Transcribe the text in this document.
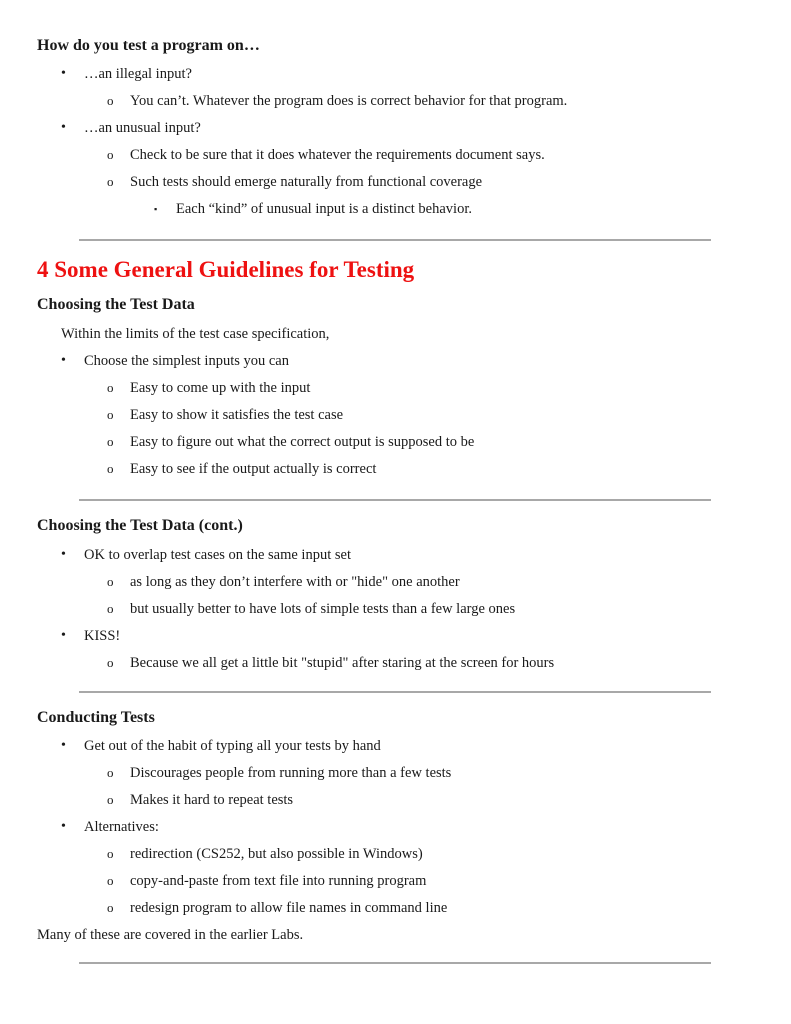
How do you test a program on…
• …an illegal input?
o You can’t. Whatever the program does is correct behavior for that program.
• …an unusual input?
o Check to be sure that it does whatever the requirements document says.
o Such tests should emerge naturally from functional coverage
▪ Each “kind” of unusual input is a distinct behavior.
4 Some General Guidelines for Testing
Choosing the Test Data
Within the limits of the test case specification,
• Choose the simplest inputs you can
o Easy to come up with the input
o Easy to show it satisfies the test case
o Easy to figure out what the correct output is supposed to be
o Easy to see if the output actually is correct
Choosing the Test Data (cont.)
• OK to overlap test cases on the same input set
o as long as they don’t interfere with or "hide" one another
o but usually better to have lots of simple tests than a few large ones
• KISS!
o Because we all get a little bit "stupid" after staring at the screen for hours
Conducting Tests
• Get out of the habit of typing all your tests by hand
o Discourages people from running more than a few tests
o Makes it hard to repeat tests
• Alternatives:
o redirection (CS252, but also possible in Windows)
o copy-and-paste from text file into running program
o redesign program to allow file names in command line
Many of these are covered in the earlier Labs.
